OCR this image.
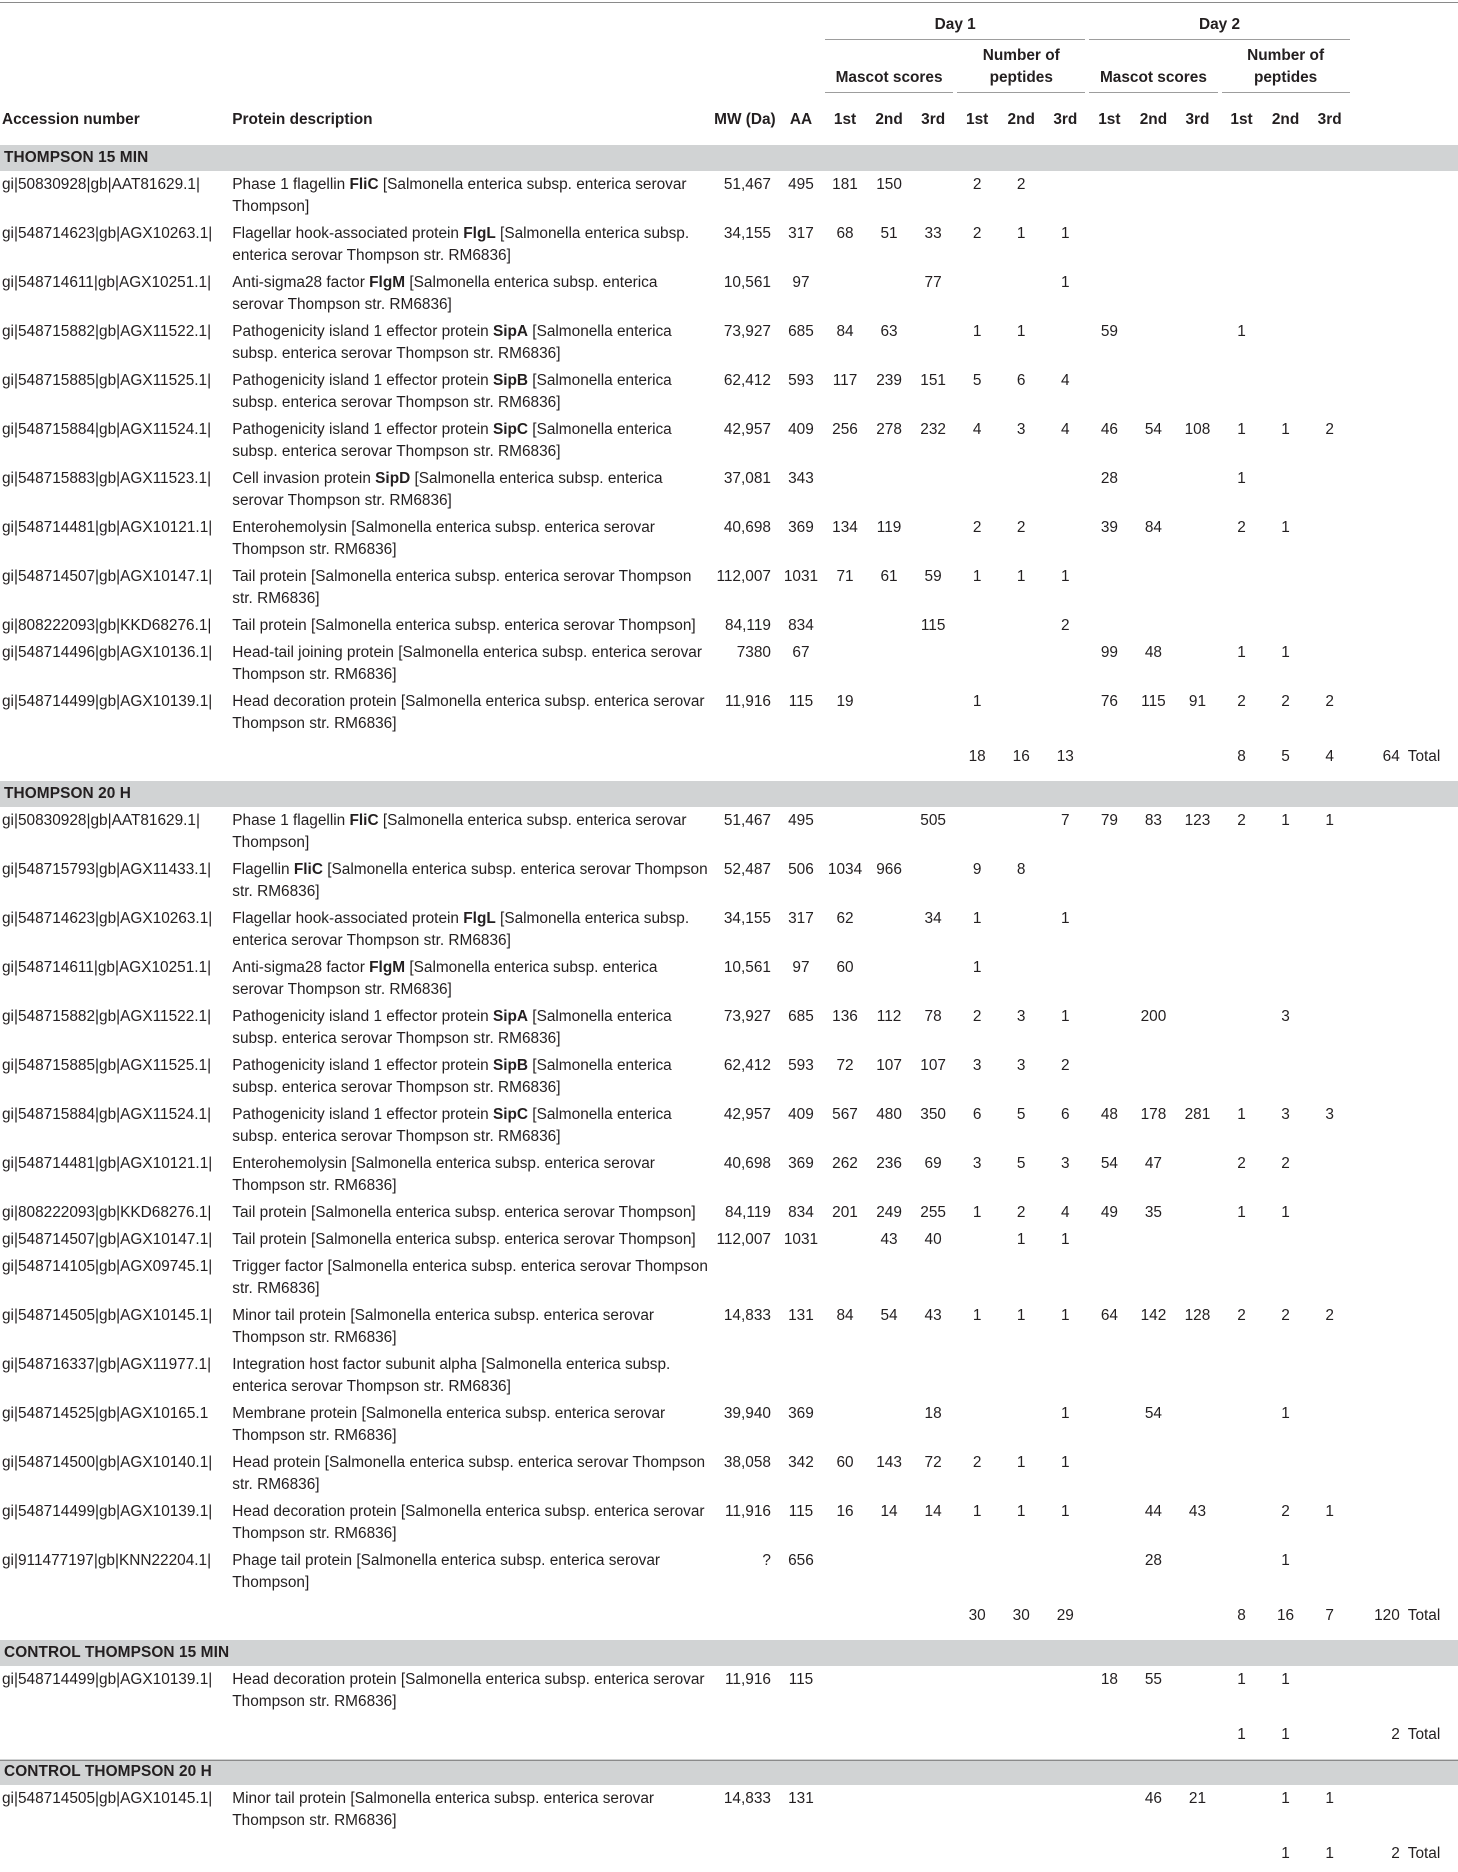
				Day 1						Day 2							

				Mascot scores			Number of peptides			Mascot scores			Number of peptides				

Accession number	Protein description	MW (Da)	AA	1st	2nd	3rd	1st	2nd	3rd	1st	2nd	3rd	1st	2nd	3rd		
THOMPSON 15 MIN																	
gi|50830928|gb|AAT81629.1|	Phase 1 flagellin FliC [Salmonella enterica subsp. enterica serovar Thompson]	51,467	495	181	150		2	2									
gi|548714623|gb|AGX10263.1|	Flagellar hook-associated protein FlgL [Salmonella enterica subsp. enterica serovar Thompson str. RM6836]	34,155	317	68	51	33	2	1	1								
gi|548714611|gb|AGX10251.1|	Anti-sigma28 factor FlgM [Salmonella enterica subsp. enterica serovar Thompson str. RM6836]	10,561	97			77			1								
gi|548715882|gb|AGX11522.1|	Pathogenicity island 1 effector protein SipA [Salmonella enterica subsp. enterica serovar Thompson str. RM6836]	73,927	685	84	63		1	1		59			1				
gi|548715885|gb|AGX11525.1|	Pathogenicity island 1 effector protein SipB [Salmonella enterica subsp. enterica serovar Thompson str. RM6836]	62,412	593	117	239	151	5	6	4								
gi|548715884|gb|AGX11524.1|	Pathogenicity island 1 effector protein SipC [Salmonella enterica subsp. enterica serovar Thompson str. RM6836]	42,957	409	256	278	232	4	3	4	46	54	108	1	1	2		
gi|548715883|gb|AGX11523.1|	Cell invasion protein SipD [Salmonella enterica subsp. enterica serovar Thompson str. RM6836]	37,081	343							28			1				
gi|548714481|gb|AGX10121.1|	Enterohemolysin [Salmonella enterica subsp. enterica serovar Thompson str. RM6836]	40,698	369	134	119		2	2		39	84		2	1			
gi|548714507|gb|AGX10147.1|	Tail protein [Salmonella enterica subsp. enterica serovar Thompson str. RM6836]	112,007	1031	71	61	59	1	1	1								
gi|808222093|gb|KKD68276.1|	Tail protein [Salmonella enterica subsp. enterica serovar Thompson]	84,119	834			115			2								
gi|548714496|gb|AGX10136.1|	Head-tail joining protein [Salmonella enterica subsp. enterica serovar Thompson str. RM6836]	7380	67							99	48		1	1			
gi|548714499|gb|AGX10139.1|	Head decoration protein [Salmonella enterica subsp. enterica serovar Thompson str. RM6836]	11,916	115	19			1			76	115	91	2	2	2		
							18	16	13				8	5	4	64	Total
THOMPSON 20 H																	
gi|50830928|gb|AAT81629.1|	Phase 1 flagellin FliC [Salmonella enterica subsp. enterica serovar Thompson]	51,467	495			505			7	79	83	123	2	1	1		
gi|548715793|gb|AGX11433.1|	Flagellin FliC [Salmonella enterica subsp. enterica serovar Thompson str. RM6836]	52,487	506	1034	966		9	8									
gi|548714623|gb|AGX10263.1|	Flagellar hook-associated protein FlgL [Salmonella enterica subsp. enterica serovar Thompson str. RM6836]	34,155	317	62		34	1		1								
gi|548714611|gb|AGX10251.1|	Anti-sigma28 factor FlgM [Salmonella enterica subsp. enterica serovar Thompson str. RM6836]	10,561	97	60			1										
gi|548715882|gb|AGX11522.1|	Pathogenicity island 1 effector protein SipA [Salmonella enterica subsp. enterica serovar Thompson str. RM6836]	73,927	685	136	112	78	2	3	1		200			3			
gi|548715885|gb|AGX11525.1|	Pathogenicity island 1 effector protein SipB [Salmonella enterica subsp. enterica serovar Thompson str. RM6836]	62,412	593	72	107	107	3	3	2								
gi|548715884|gb|AGX11524.1|	Pathogenicity island 1 effector protein SipC [Salmonella enterica subsp. enterica serovar Thompson str. RM6836]	42,957	409	567	480	350	6	5	6	48	178	281	1	3	3		
gi|548714481|gb|AGX10121.1|	Enterohemolysin [Salmonella enterica subsp. enterica serovar Thompson str. RM6836]	40,698	369	262	236	69	3	5	3	54	47		2	2			
gi|808222093|gb|KKD68276.1|	Tail protein [Salmonella enterica subsp. enterica serovar Thompson]	84,119	834	201	249	255	1	2	4	49	35		1	1			
gi|548714507|gb|AGX10147.1|	Tail protein [Salmonella enterica subsp. enterica serovar Thompson]	112,007	1031		43	40		1	1								
gi|548714105|gb|AGX09745.1|	Trigger factor [Salmonella enterica subsp. enterica serovar Thompson str. RM6836]																
gi|548714505|gb|AGX10145.1|	Minor tail protein [Salmonella enterica subsp. enterica serovar Thompson str. RM6836]	14,833	131	84	54	43	1	1	1	64	142	128	2	2	2		
gi|548716337|gb|AGX11977.1|	Integration host factor subunit alpha [Salmonella enterica subsp. enterica serovar Thompson str. RM6836]																
gi|548714525|gb|AGX10165.1	Membrane protein [Salmonella enterica subsp. enterica serovar Thompson str. RM6836]	39,940	369			18			1		54			1			
gi|548714500|gb|AGX10140.1|	Head protein [Salmonella enterica subsp. enterica serovar Thompson str. RM6836]	38,058	342	60	143	72	2	1	1								
gi|548714499|gb|AGX10139.1|	Head decoration protein [Salmonella enterica subsp. enterica serovar Thompson str. RM6836]	11,916	115	16	14	14	1	1	1		44	43		2	1		
gi|911477197|gb|KNN22204.1|	Phage tail protein [Salmonella enterica subsp. enterica serovar Thompson]	?	656								28			1			
							30	30	29				8	16	7	120	Total
CONTROL THOMPSON 15 MIN																	
gi|548714499|gb|AGX10139.1|	Head decoration protein [Salmonella enterica subsp. enterica serovar Thompson str. RM6836]	11,916	115							18	55		1	1			
													1	1		2	Total
CONTROL THOMPSON 20 H																	
gi|548714505|gb|AGX10145.1|	Minor tail protein [Salmonella enterica subsp. enterica serovar Thompson str. RM6836]	14,833	131								46	21		1	1		
														1	1	2	Total
